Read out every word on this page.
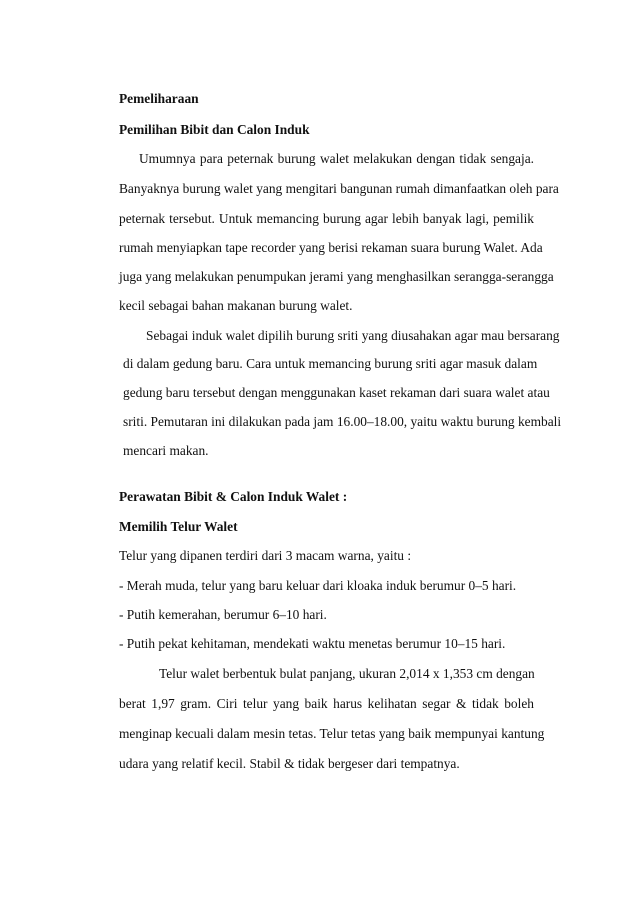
Pemeliharaan
Pemilihan Bibit dan Calon Induk
Umumnya para peternak burung walet melakukan dengan tidak sengaja.
Banyaknya burung walet yang mengitari bangunan rumah dimanfaatkan oleh para
peternak tersebut. Untuk memancing burung agar lebih banyak lagi, pemilik
rumah menyiapkan tape recorder yang berisi rekaman suara burung Walet. Ada
juga yang melakukan penumpukan jerami yang menghasilkan serangga-serangga
kecil sebagai bahan makanan burung walet.
Sebagai induk walet dipilih burung sriti yang diusahakan agar mau bersarang
di dalam gedung baru. Cara untuk memancing burung sriti agar masuk dalam
gedung baru tersebut dengan menggunakan kaset rekaman dari suara walet atau
sriti. Pemutaran ini dilakukan pada jam 16.00–18.00, yaitu waktu burung kembali
mencari makan.
Perawatan Bibit & Calon Induk Walet :
Memilih Telur Walet
Telur yang dipanen terdiri dari 3 macam warna, yaitu :
- Merah muda, telur yang baru keluar dari kloaka induk berumur 0–5 hari.
- Putih kemerahan, berumur 6–10 hari.
- Putih pekat kehitaman, mendekati waktu menetas berumur 10–15 hari.
Telur walet berbentuk bulat panjang, ukuran 2,014 x 1,353 cm dengan
berat 1,97 gram. Ciri telur yang baik harus kelihatan segar & tidak boleh
menginap kecuali dalam mesin tetas. Telur tetas yang baik mempunyai kantung
udara yang relatif kecil. Stabil & tidak bergeser dari tempatnya.
